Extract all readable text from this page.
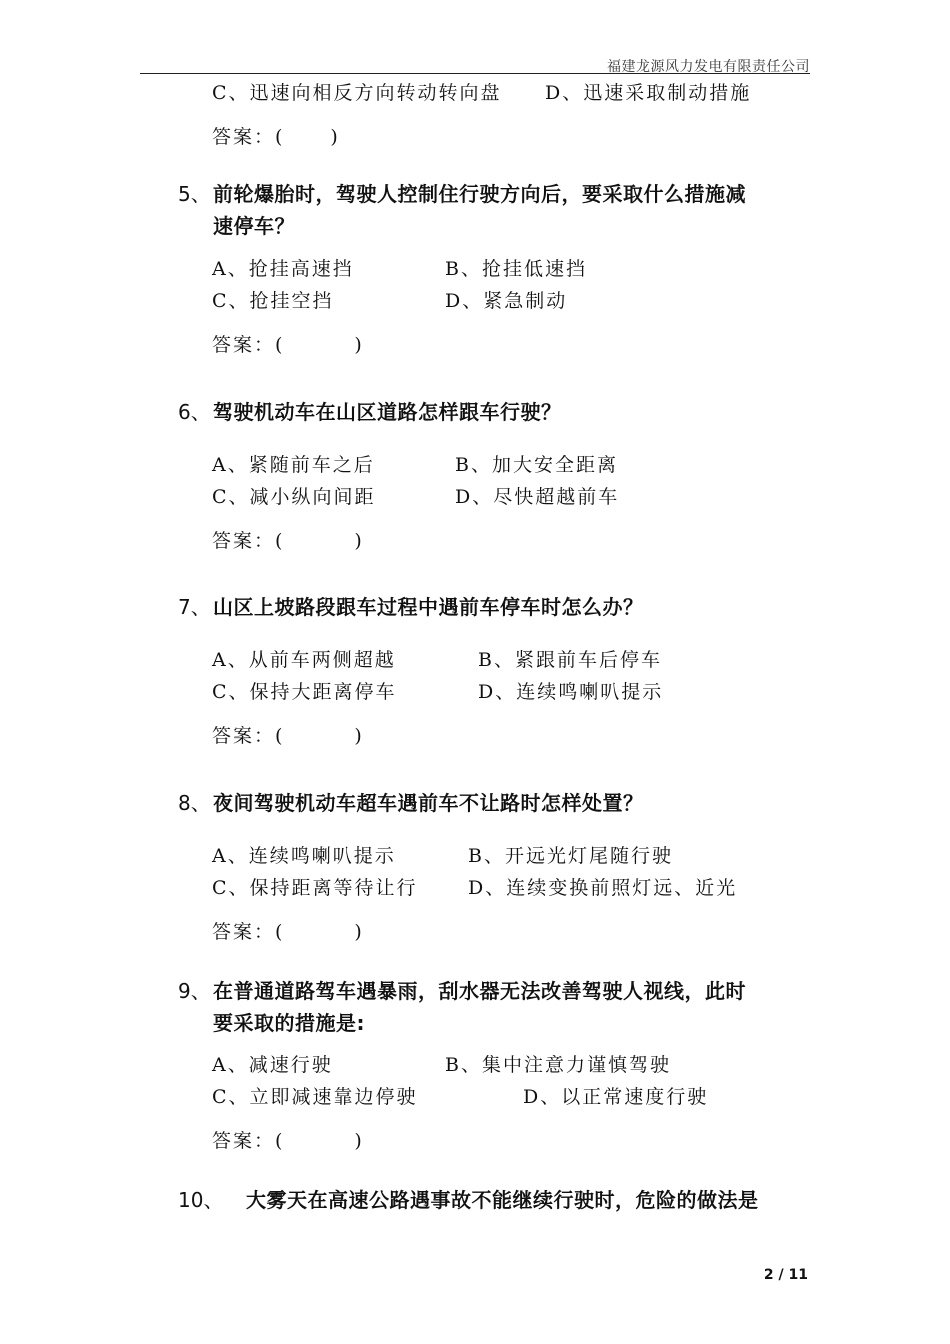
福建龙源风力发电有限责任公司
C、迅速向相反方向转动转向盘 D、迅速采取制动措施
答案：( )
5、 前轮爆胎时，驾驶人控制住行驶方向后，要采取什么措施减
速停车？
A、抢挂高速挡	B、抢挂低速挡
C、抢挂空挡	D、紧急制动
答案：(	)
6、 驾驶机动车在山区道路怎样跟车行驶？
A、紧随前车之后	B、加大安全距离
C、减小纵向间距	D、尽快超越前车
答案：(	)
7、 山区上坡路段跟车过程中遇前车停车时怎么办？
A、从前车两侧超越	B、紧跟前车后停车
C、保持大距离停车	D、连续鸣喇叭提示
答案：(	)
8、 夜间驾驶机动车超车遇前车不让路时怎样处置？
A、连续鸣喇叭提示	B、开远光灯尾随行驶
C、保持距离等待让行	D、连续变换前照灯远、近光
答案：(	)
9、 在普通道路驾车遇暴雨，刮水器无法改善驾驶人视线，此时
要采取的措施是:
A、减速行驶	B、集中注意力谨慎驾驶
C、立即减速靠边停驶	D、以正常速度行驶
答案：(	)
10、 大雾天在高速公路遇事故不能继续行驶时，危险的做法是
2 / 11
